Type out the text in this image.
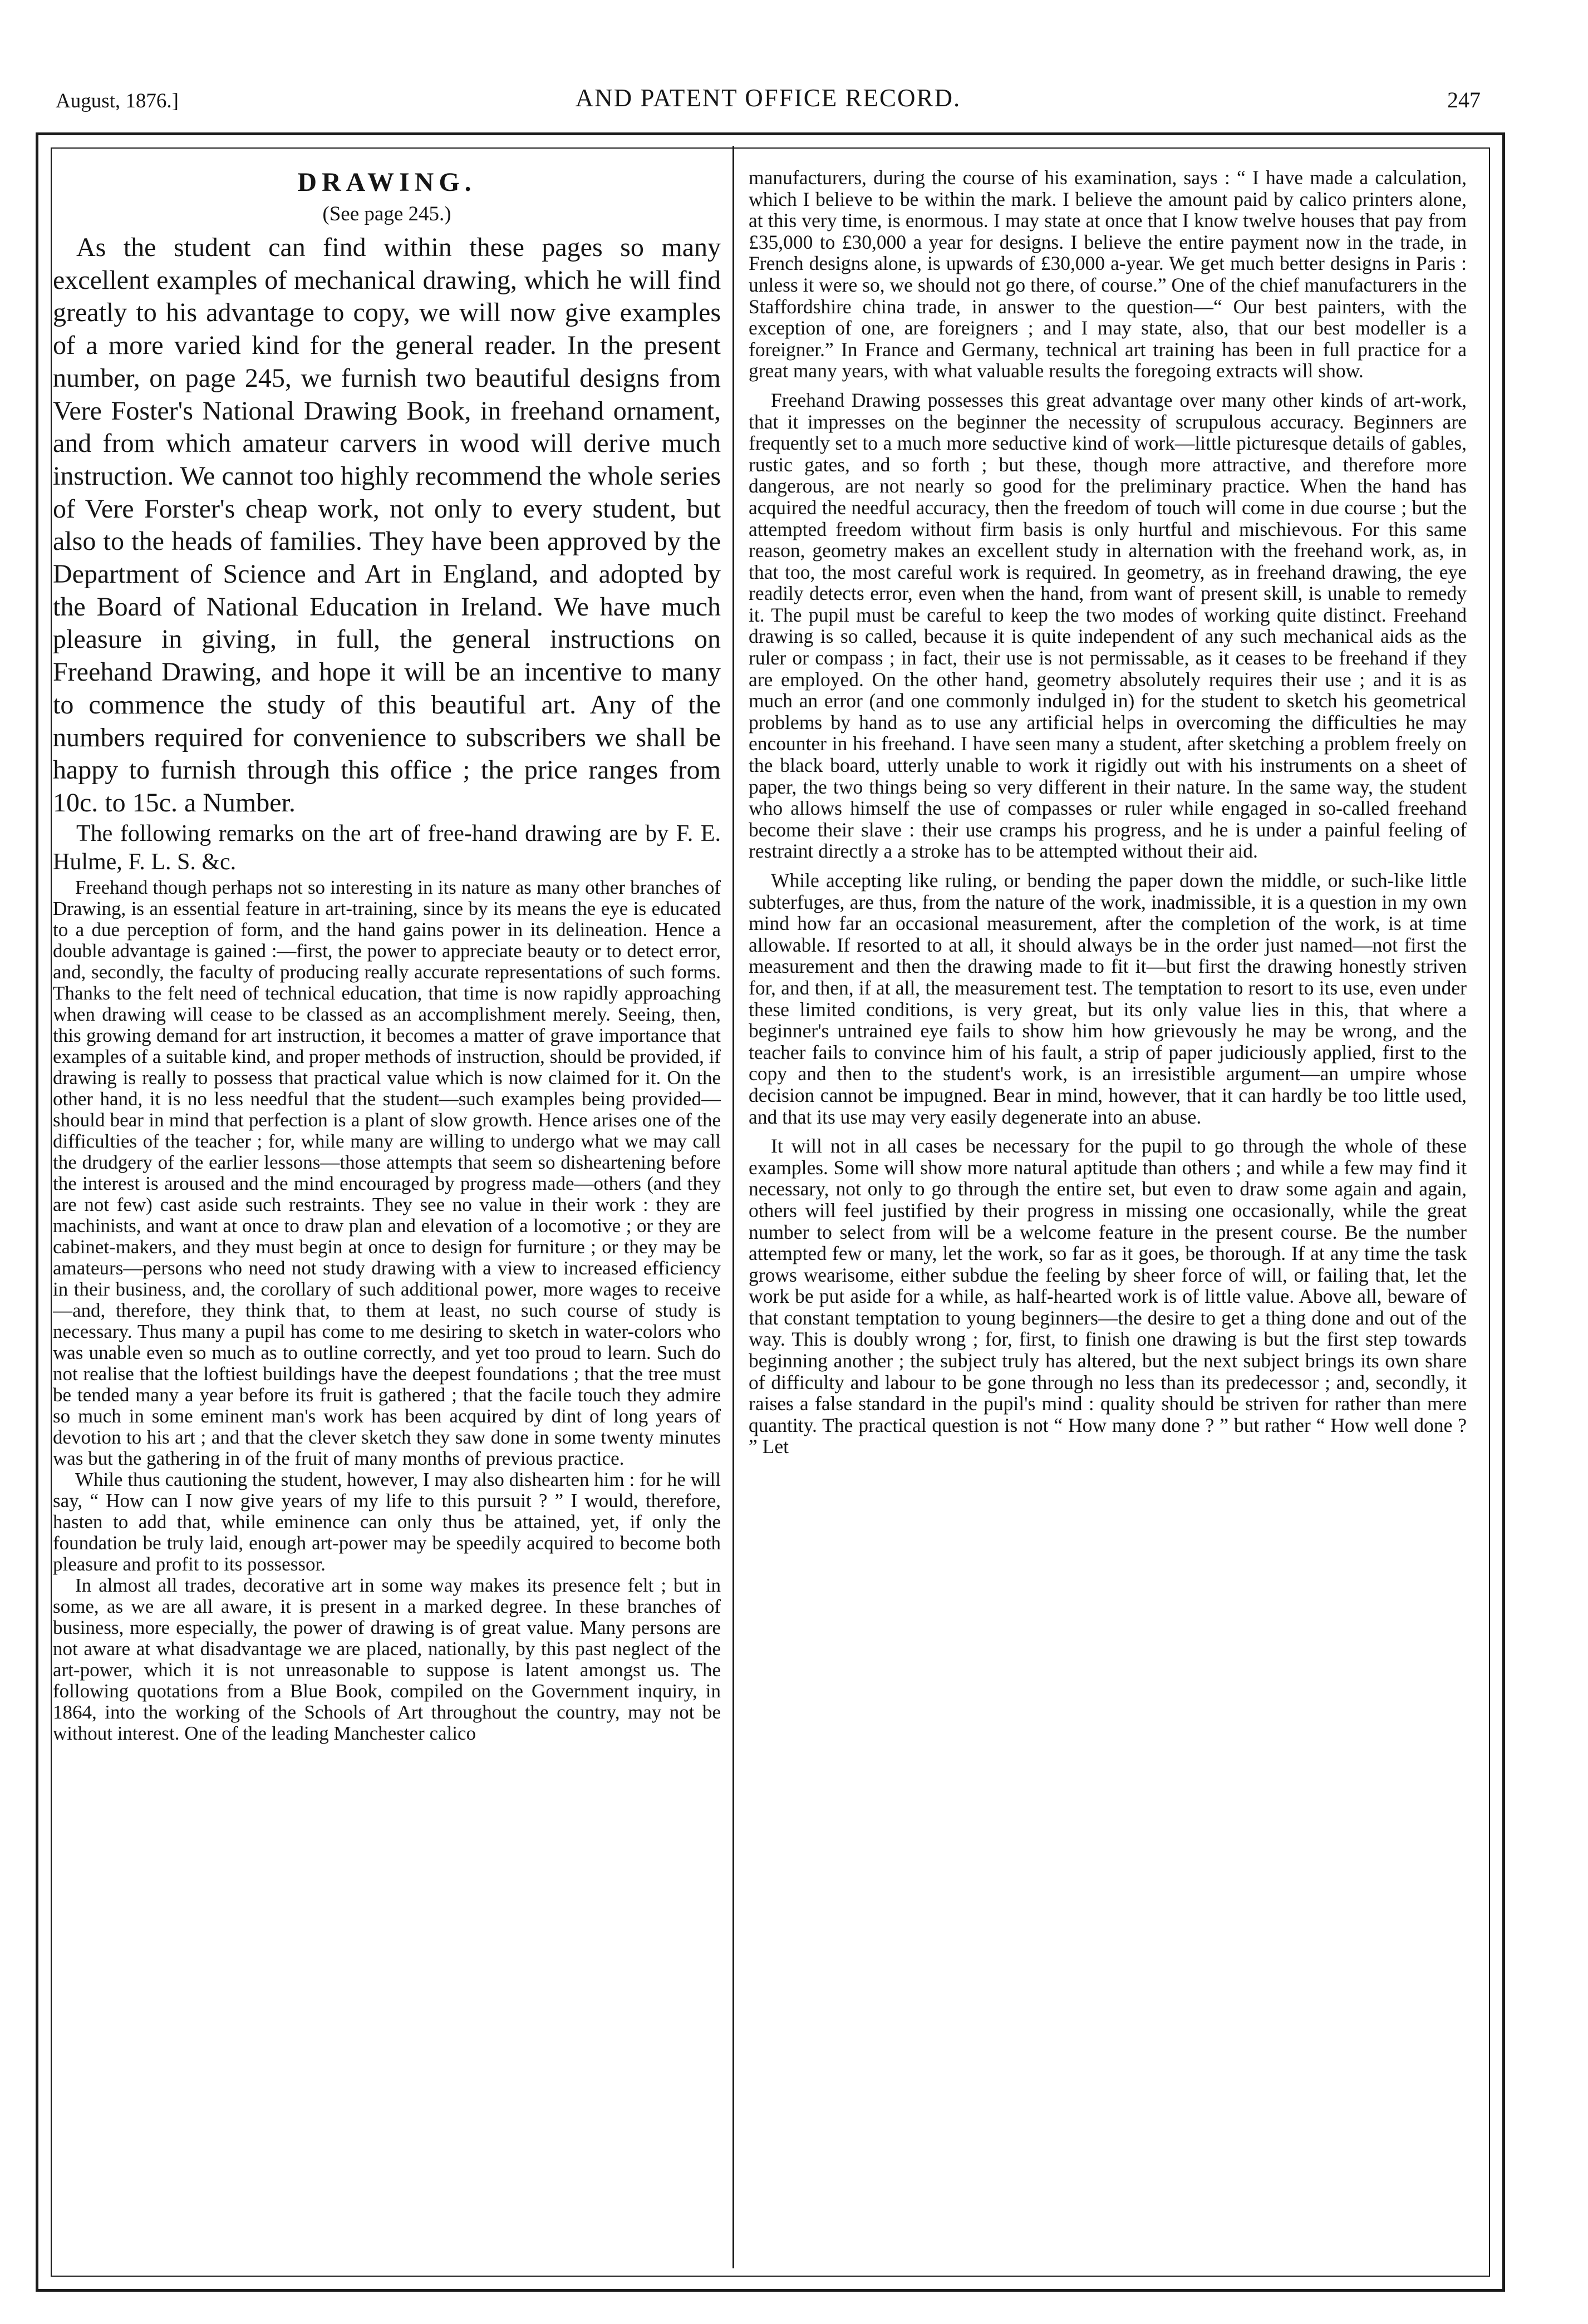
August, 1876.]	AND PATENT OFFICE RECORD.	247

DRAWING.

(See page 245.)

As the student can find within these pages so many excellent examples of mechanical drawing, which he will find greatly to his advantage to copy, we will now give examples of a more varied kind for the general reader. In the present number, on page 245, we furnish two beautiful designs from Vere Foster's National Drawing Book, in freehand ornament, and from which amateur carvers in wood will derive much instruction. We cannot too highly recommend the whole series of Vere Forster's cheap work, not only to every student, but also to the heads of families. They have been approved by the Department of Science and Art in England, and adopted by the Board of National Education in Ireland. We have much pleasure in giving, in full, the general instructions on Freehand Drawing, and hope it will be an incentive to many to commence the study of this beautiful art. Any of the numbers required for convenience to subscribers we shall be happy to furnish through this office ; the price ranges from 10c. to 15c. a Number.

The following remarks on the art of free-hand drawing are by F. E. Hulme, F. L. S. &c.

Freehand though perhaps not so interesting in its nature as many other branches of Drawing, is an essential feature in art-training, since by its means the eye is educated to a due perception of form, and the hand gains power in its delineation. Hence a double advantage is gained :—first, the power to appreciate beauty or to detect error, and, secondly, the faculty of producing really accurate representations of such forms. Thanks to the felt need of technical education, that time is now rapidly approaching when drawing will cease to be classed as an accomplishment merely. Seeing, then, this growing demand for art instruction, it becomes a matter of grave importance that examples of a suitable kind, and proper methods of instruction, should be provided, if drawing is really to possess that practical value which is now claimed for it. On the other hand, it is no less needful that the student—such examples being provided—should bear in mind that perfection is a plant of slow growth. Hence arises one of the difficulties of the teacher ; for, while many are willing to undergo what we may call the drudgery of the earlier lessons—those attempts that seem so disheartening before the interest is aroused and the mind encouraged by progress made—others (and they are not few) cast aside such restraints. They see no value in their work : they are machinists, and want at once to draw plan and elevation of a locomotive ; or they are cabinet-makers, and they must begin at once to design for furniture ; or they may be amateurs—persons who need not study drawing with a view to increased efficiency in their business, and, the corollary of such additional power, more wages to receive—and, therefore, they think that, to them at least, no such course of study is necessary. Thus many a pupil has come to me desiring to sketch in water-colors who was unable even so much as to outline correctly, and yet too proud to learn. Such do not realise that the loftiest buildings have the deepest foundations ; that the tree must be tended many a year before its fruit is gathered ; that the facile touch they admire so much in some eminent man's work has been acquired by dint of long years of devotion to his art ; and that the clever sketch they saw done in some twenty minutes was but the gathering in of the fruit of many months of previous practice.

While thus cautioning the student, however, I may also dishearten him : for he will say, “ How can I now give years of my life to this pursuit ? ” I would, therefore, hasten to add that, while eminence can only thus be attained, yet, if only the foundation be truly laid, enough art-power may be speedily acquired to become both pleasure and profit to its possessor.

In almost all trades, decorative art in some way makes its presence felt ; but in some, as we are all aware, it is present in a marked degree. In these branches of business, more especially, the power of drawing is of great value. Many persons are not aware at what disadvantage we are placed, nationally, by this past neglect of the art-power, which it is not unreasonable to suppose is latent amongst us. The following quotations from a Blue Book, compiled on the Government inquiry, in 1864, into the working of the Schools of Art throughout the country, may not be without interest. One of the leading Manchester calico

manufacturers, during the course of his examination, says : “ I have made a calculation, which I believe to be within the mark. I believe the amount paid by calico printers alone, at this very time, is enormous. I may state at once that I know twelve houses that pay from £35,000 to £30,000 a year for designs. I believe the entire payment now in the trade, in French designs alone, is upwards of £30,000 a-year. We get much better designs in Paris : unless it were so, we should not go there, of course.” One of the chief manufacturers in the Staffordshire china trade, in answer to the question—“ Our best painters, with the exception of one, are foreigners ; and I may state, also, that our best modeller is a foreigner.” In France and Germany, technical art training has been in full practice for a great many years, with what valuable results the foregoing extracts will show.

Freehand Drawing possesses this great advantage over many other kinds of art-work, that it impresses on the beginner the necessity of scrupulous accuracy. Beginners are frequently set to a much more seductive kind of work—little picturesque details of gables, rustic gates, and so forth ; but these, though more attractive, and therefore more dangerous, are not nearly so good for the preliminary practice. When the hand has acquired the needful accuracy, then the freedom of touch will come in due course ; but the attempted freedom without firm basis is only hurtful and mischievous. For this same reason, geometry makes an excellent study in alternation with the freehand work, as, in that too, the most careful work is required. In geometry, as in freehand drawing, the eye readily detects error, even when the hand, from want of present skill, is unable to remedy it. The pupil must be careful to keep the two modes of working quite distinct. Freehand drawing is so called, because it is quite independent of any such mechanical aids as the ruler or compass ; in fact, their use is not permissable, as it ceases to be freehand if they are employed. On the other hand, geometry absolutely requires their use ; and it is as much an error (and one commonly indulged in) for the student to sketch his geometrical problems by hand as to use any artificial helps in overcoming the difficulties he may encounter in his freehand. I have seen many a student, after sketching a problem freely on the black board, utterly unable to work it rigidly out with his instruments on a sheet of paper, the two things being so very different in their nature. In the same way, the student who allows himself the use of compasses or ruler while engaged in so-called freehand become their slave : their use cramps his progress, and he is under a painful feeling of restraint directly a a stroke has to be attempted without their aid.

While accepting like ruling, or bending the paper down the middle, or such-like little subterfuges, are thus, from the nature of the work, inadmissible, it is a question in my own mind how far an occasional measurement, after the completion of the work, is at time allowable. If resorted to at all, it should always be in the order just named—not first the measurement and then the drawing made to fit it—but first the drawing honestly striven for, and then, if at all, the measurement test. The temptation to resort to its use, even under these limited conditions, is very great, but its only value lies in this, that where a beginner's untrained eye fails to show him how grievously he may be wrong, and the teacher fails to convince him of his fault, a strip of paper judiciously applied, first to the copy and then to the student's work, is an irresistible argument—an umpire whose decision cannot be impugned. Bear in mind, however, that it can hardly be too little used, and that its use may very easily degenerate into an abuse.

It will not in all cases be necessary for the pupil to go through the whole of these examples. Some will show more natural aptitude than others ; and while a few may find it necessary, not only to go through the entire set, but even to draw some again and again, others will feel justified by their progress in missing one occasionally, while the great number to select from will be a welcome feature in the present course. Be the number attempted few or many, let the work, so far as it goes, be thorough. If at any time the task grows wearisome, either subdue the feeling by sheer force of will, or failing that, let the work be put aside for a while, as half-hearted work is of little value. Above all, beware of that constant temptation to young beginners—the desire to get a thing done and out of the way. This is doubly wrong ; for, first, to finish one drawing is but the first step towards beginning another ; the subject truly has altered, but the next subject brings its own share of difficulty and labour to be gone through no less than its predecessor ; and, secondly, it raises a false standard in the pupil's mind : quality should be striven for rather than mere quantity. The practical question is not “ How many done ? ” but rather “ How well done ? ” Let
